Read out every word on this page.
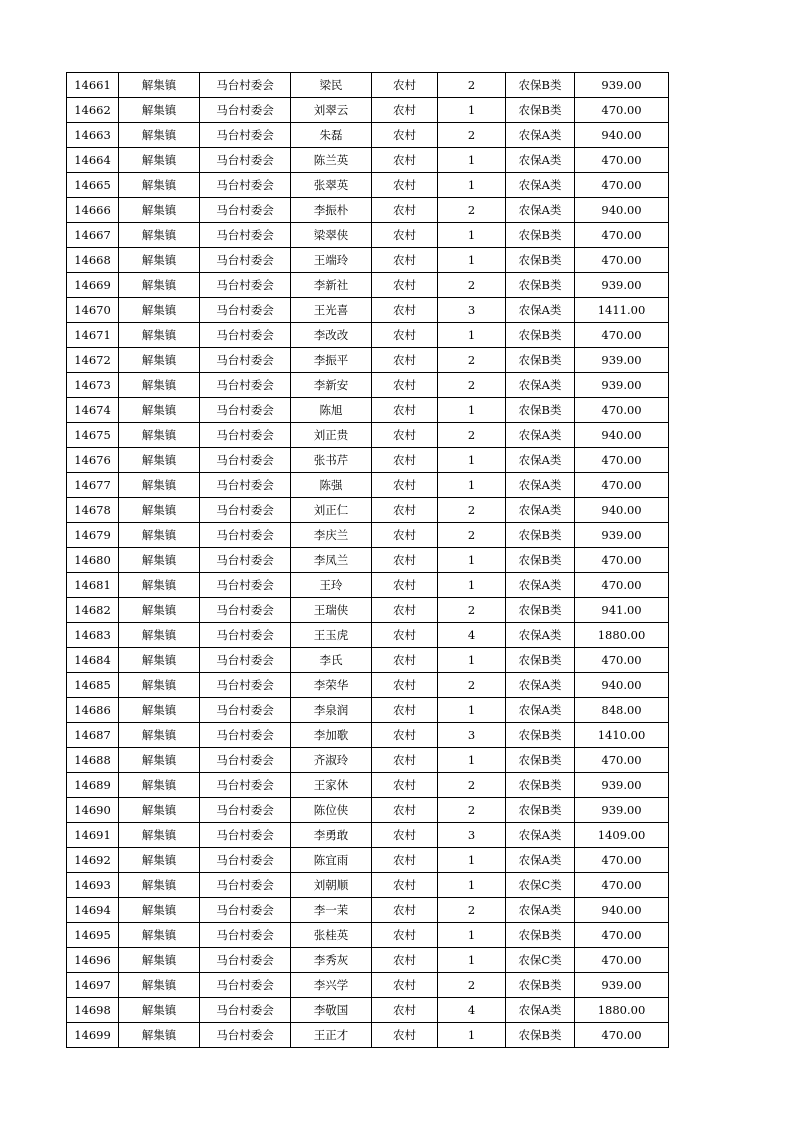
14661	解集镇	马台村委会	梁民	农村	2	农保B类	939.00
14662	解集镇	马台村委会	刘翠云	农村	1	农保B类	470.00
14663	解集镇	马台村委会	朱磊	农村	2	农保A类	940.00
14664	解集镇	马台村委会	陈兰英	农村	1	农保A类	470.00
14665	解集镇	马台村委会	张翠英	农村	1	农保A类	470.00
14666	解集镇	马台村委会	李振朴	农村	2	农保A类	940.00
14667	解集镇	马台村委会	梁翠侠	农村	1	农保B类	470.00
14668	解集镇	马台村委会	王端玲	农村	1	农保B类	470.00
14669	解集镇	马台村委会	李新社	农村	2	农保B类	939.00
14670	解集镇	马台村委会	王光喜	农村	3	农保A类	1411.00
14671	解集镇	马台村委会	李改改	农村	1	农保B类	470.00
14672	解集镇	马台村委会	李振平	农村	2	农保B类	939.00
14673	解集镇	马台村委会	李新安	农村	2	农保A类	939.00
14674	解集镇	马台村委会	陈旭	农村	1	农保B类	470.00
14675	解集镇	马台村委会	刘正贵	农村	2	农保A类	940.00
14676	解集镇	马台村委会	张书芹	农村	1	农保A类	470.00
14677	解集镇	马台村委会	陈强	农村	1	农保A类	470.00
14678	解集镇	马台村委会	刘正仁	农村	2	农保A类	940.00
14679	解集镇	马台村委会	李庆兰	农村	2	农保B类	939.00
14680	解集镇	马台村委会	李凤兰	农村	1	农保B类	470.00
14681	解集镇	马台村委会	王玲	农村	1	农保A类	470.00
14682	解集镇	马台村委会	王瑞侠	农村	2	农保B类	941.00
14683	解集镇	马台村委会	王玉虎	农村	4	农保A类	1880.00
14684	解集镇	马台村委会	李氏	农村	1	农保B类	470.00
14685	解集镇	马台村委会	李荣华	农村	2	农保A类	940.00
14686	解集镇	马台村委会	李泉润	农村	1	农保A类	848.00
14687	解集镇	马台村委会	李加歌	农村	3	农保B类	1410.00
14688	解集镇	马台村委会	齐淑玲	农村	1	农保B类	470.00
14689	解集镇	马台村委会	王家休	农村	2	农保B类	939.00
14690	解集镇	马台村委会	陈位侠	农村	2	农保B类	939.00
14691	解集镇	马台村委会	李勇敢	农村	3	农保A类	1409.00
14692	解集镇	马台村委会	陈宜雨	农村	1	农保A类	470.00
14693	解集镇	马台村委会	刘朝顺	农村	1	农保C类	470.00
14694	解集镇	马台村委会	李一茉	农村	2	农保A类	940.00
14695	解集镇	马台村委会	张桂英	农村	1	农保B类	470.00
14696	解集镇	马台村委会	李秀灰	农村	1	农保C类	470.00
14697	解集镇	马台村委会	李兴学	农村	2	农保B类	939.00
14698	解集镇	马台村委会	李敬国	农村	4	农保A类	1880.00
14699	解集镇	马台村委会	王正才	农村	1	农保B类	470.00
